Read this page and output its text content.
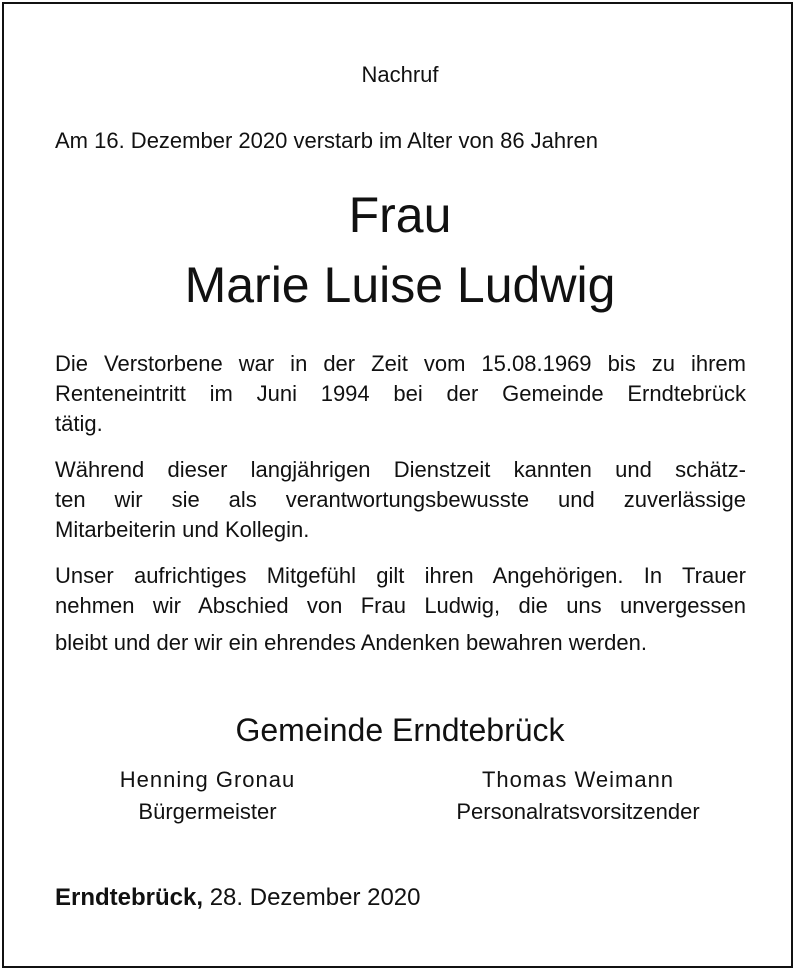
Nachruf
Am 16. Dezember 2020 verstarb im Alter von 86 Jahren
Frau
Marie Luise Ludwig
Die Verstorbene war in der Zeit vom 15.08.1969 bis zu ihrem
Renteneintritt im Juni 1994 bei der Gemeinde Erndtebrück
tätig.
Während dieser langjährigen Dienstzeit kannten und schätz-
ten wir sie als verantwortungsbewusste und zuverlässige
Mitarbeiterin und Kollegin.
Unser aufrichtiges Mitgefühl gilt ihren Angehörigen. In Trauer
nehmen wir Abschied von Frau Ludwig, die uns unvergessen
bleibt und der wir ein ehrendes Andenken bewahren werden.
Gemeinde Erndtebrück
Henning Gronau
Bürgermeister
Thomas Weimann
Personalratsvorsitzender
Erndtebrück, 28. Dezember 2020
